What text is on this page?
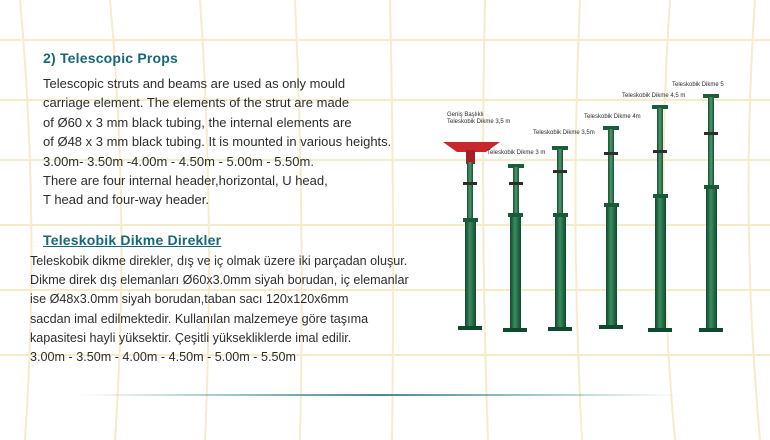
2) Telescopic Props
Telescopic struts and beams are used as only mould
carriage element. The elements of the strut are made
of Ø60 x 3 mm black tubing, the internal elements are
of Ø48 x 3 mm black tubing. It is mounted in various heights.
3.00m- 3.50m -4.00m - 4.50m - 5.00m - 5.50m.
There are four internal header,horizontal, U head,
T head and four-way header.
Teleskobik Dikme Direkler
Teleskobik dikme direkler, dış ve iç olmak üzere iki parçadan oluşur.
Dikme direk dış elemanları Ø60x3.0mm siyah borudan, iç elemanlar
ise Ø48x3.0mm siyah borudan,taban sacı 120x120x6mm
sacdan imal edilmektedir. Kullanılan malzemeye göre taşıma
kapasitesi hayli yüksektir. Çeşitli yüksekliklerde imal edilir.
3.00m - 3.50m - 4.00m - 4.50m - 5.00m - 5.50m
Geniş Başlıklı
Teleskobik Dikme 3,5 m
Teleskobik Dikme 3 m
Teleskobik Dikme 3,5m
Teleskobik Dikme 4m
Teleskobik Dikme 4,5 m
Teleskobik Dikme 5
